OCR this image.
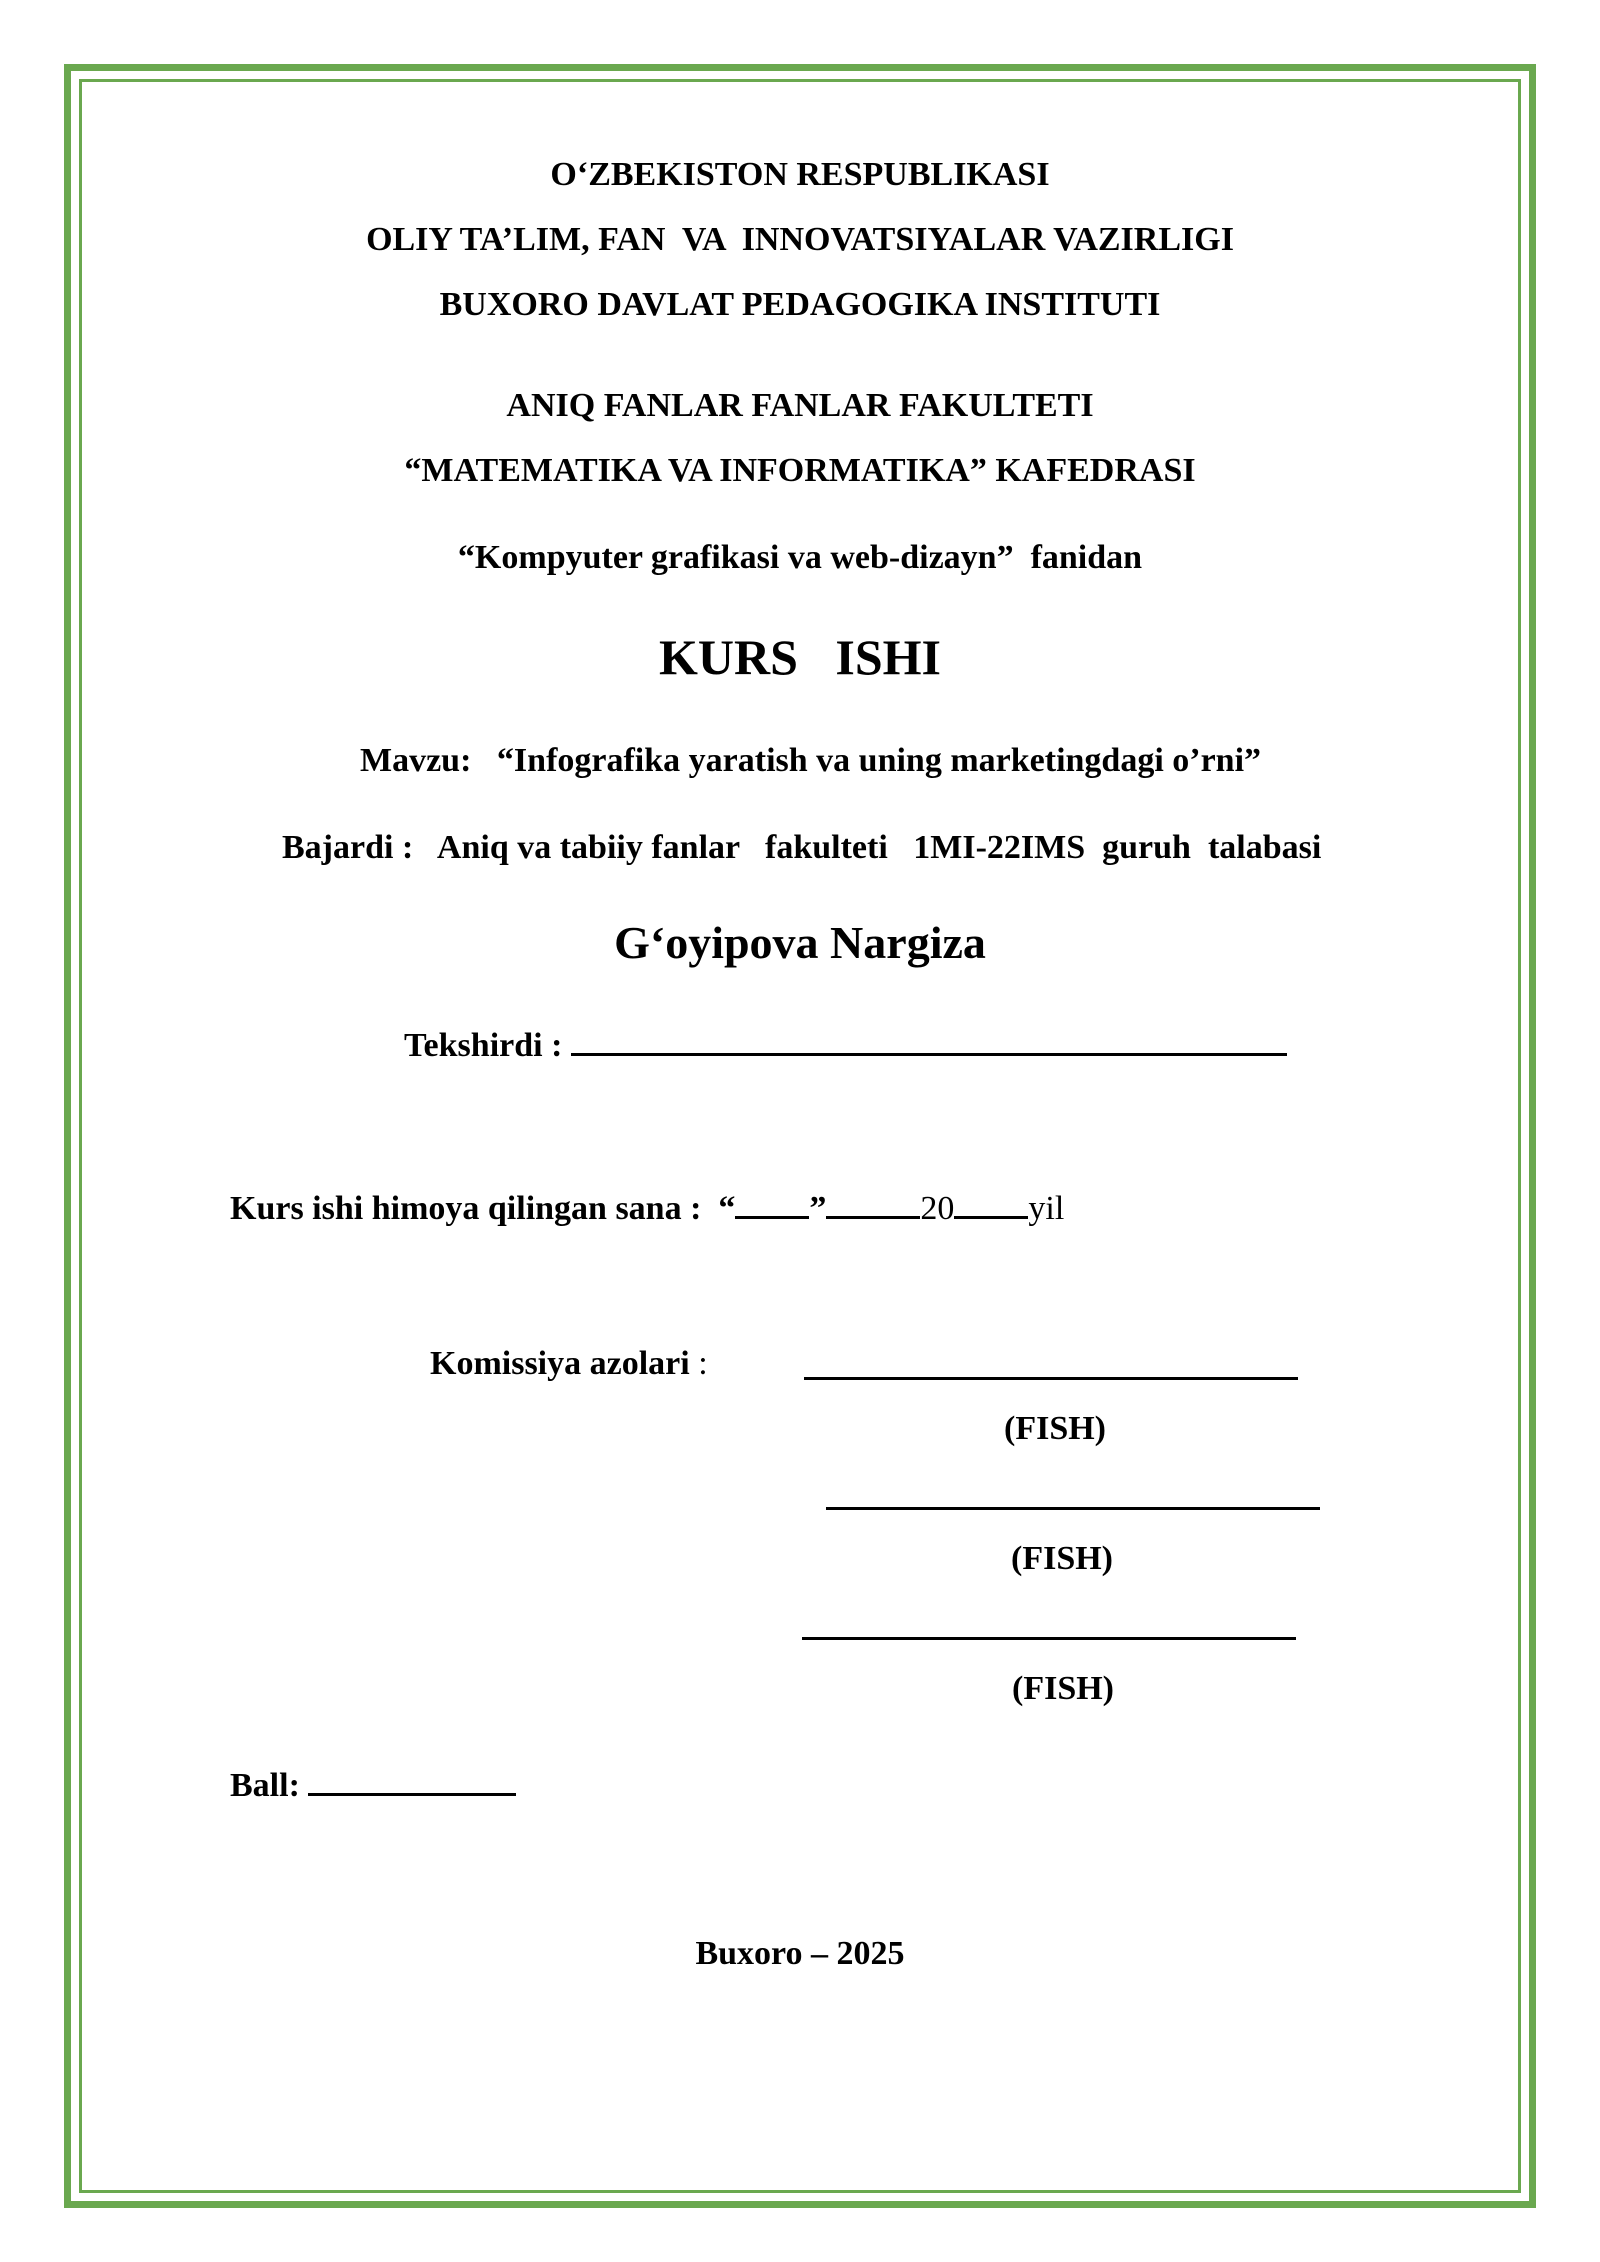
O‘ZBEKISTON RESPUBLIKASI
OLIY TA’LIM, FAN  VA  INNOVATSIYALAR VAZIRLIGI
BUXORO DAVLAT PEDAGOGIKA INSTITUTI
ANIQ FANLAR FANLAR FAKULTETI
“MATEMATIKA VA INFORMATIKA” KAFEDRASI
“Kompyuter grafikasi va web-dizayn”  fanidan
KURS   ISHI
Mavzu: “Infografika yaratish va uning marketingdagi o’rni”
Bajardi : Aniq va tabiiy fanlar   fakulteti   1MI-22IMS  guruh  talabasi
G‘oyipova Nargiza
Tekshirdi :
Kurs ishi himoya qilingan sana : “ ”	20 yil
Komissiya azolari :
(FISH)
(FISH)
(FISH)
Ball:
Buxoro – 2025
